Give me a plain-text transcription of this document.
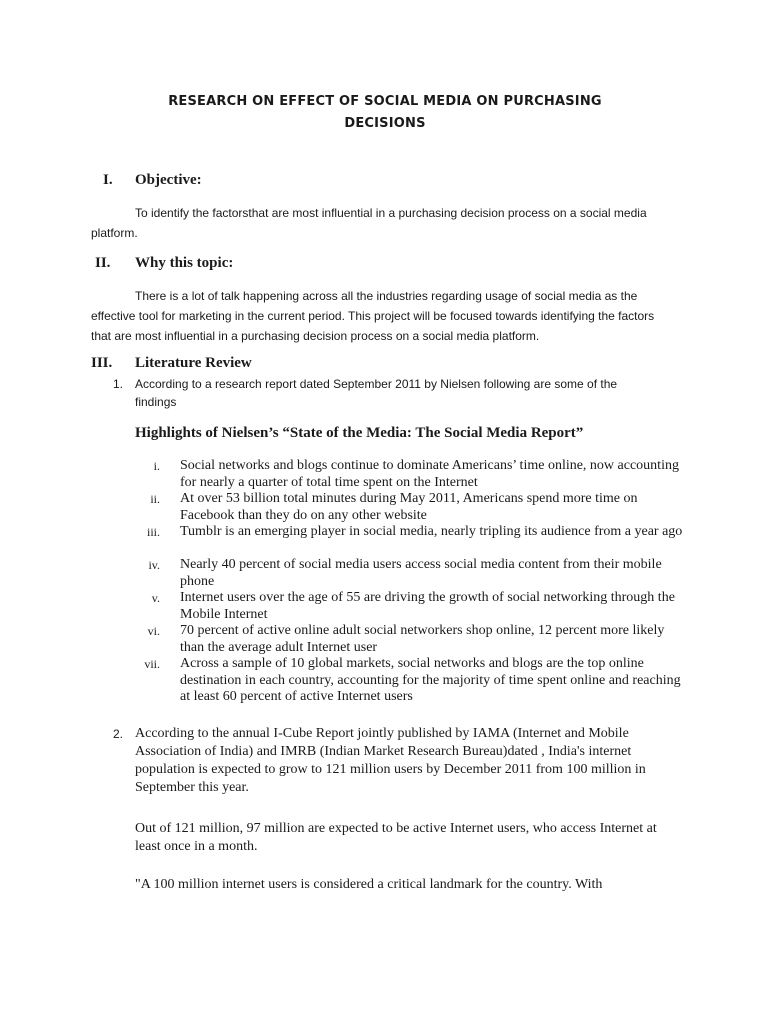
RESEARCH ON EFFECT OF SOCIAL MEDIA ON PURCHASING DECISIONS
I. Objective:
To identify the factorsthat are most influential in a purchasing decision process on a social media platform.
II. Why this topic:
There is a lot of talk happening across all the industries regarding usage of social media as the effective tool for marketing in the current period. This project will be focused towards identifying the factors that are most influential in a purchasing decision process on a social media platform.
III. Literature Review
1. According to a research report dated September 2011 by Nielsen following are some of the findings
Highlights of Nielsen’s “State of the Media: The Social Media Report”
i. Social networks and blogs continue to dominate Americans’ time online, now accounting for nearly a quarter of total time spent on the Internet
ii. At over 53 billion total minutes during May 2011, Americans spend more time on Facebook than they do on any other website
iii. Tumblr is an emerging player in social media, nearly tripling its audience from a year ago
iv. Nearly 40 percent of social media users access social media content from their mobile phone
v. Internet users over the age of 55 are driving the growth of social networking through the Mobile Internet
vi. 70 percent of active online adult social networkers shop online, 12 percent more likely than the average adult Internet user
vii. Across a sample of 10 global markets, social networks and blogs are the top online destination in each country, accounting for the majority of time spent online and reaching at least 60 percent of active Internet users
2. According to the annual I-Cube Report jointly published by IAMA (Internet and Mobile Association of India) and IMRB (Indian Market Research Bureau)dated , India's internet population is expected to grow to 121 million users by December 2011 from 100 million in September this year.
Out of 121 million, 97 million are expected to be active Internet users, who access Internet at least once in a month.
"A 100 million internet users is considered a critical landmark for the country. With
